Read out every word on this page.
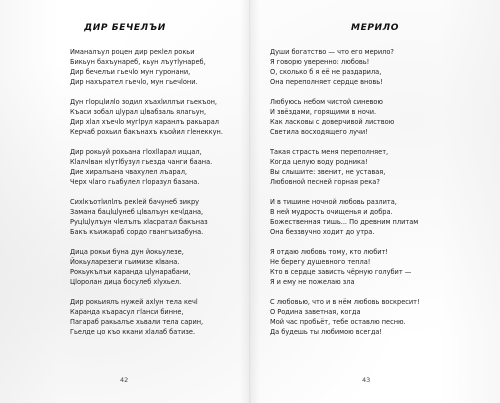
ДИР БЕЧЕЛЪИ
Иманалъул роцен дир рекlел рокьи
Бикьун бахъунареб, кьун лъутlунареб,
Дир бечелъи гьечlо мун гуронани,
Дир нахърател гьечlо, мун гьечlони.
Дун гlорцlилlо зодил хъахlиллъи гьекъон,
Къаси зобал цlурал цlвабзаль ялагьун,
Дир хlал хъечlо мугlрул каранлъ ракьарал
Керчаб рохьил бакънахъ къойил гlенеккун.
Дир рокьуй рохьана гlохllарал иццал,
Кlалчlван кlутlбузул гьезда чанги баана.
Дие хиралъана чвахулел лъарал,
Черх чlаго гьабулел гlоразул базана.
Сихlкъотlилlлъ рекlей бачунеб зикру
Замана бацlцlунеб цlвалъун кечlдана,
Руцlцlулъун чlелълъ хlасратал бакъназ
Бакъ къижараб сордо гвангъизабуна.
Дица рокьи буна дун йокьулезе,
Йокьуларезеги гьимизе кlвана.
Рокьукълъи каранда цlунарабани,
Цlоролан дица босулеб хlухьел.
Дир рокьиялъ нужей ахlун тела кечl
Каранда къарасул гlанси бинне,
Пагараб ракьалъе хьвали тела сарин,
Гьелде цо къо ккани хlалаб батизе.
42
МЕРИЛО
Души богатство — что его мерило?
Я говорю уверенно: любовь!
О, сколько б я её не раздарила,
Она переполняет сердце вновь!
Любуюсь небом чистой синевою
И звёздами, горящими в ночи.
Как ласковы с доверчивой листвою
Светила восходящего лучи!
Такая страсть меня переполняет,
Когда целую воду родника!
Вы слышите: звенит, не уставая,
Любовной песней горная река?
И в тишине ночной любовь разлита,
В ней мудрость очищенья и добра.
Божественная тишь... По древним плитам
Она беззвучно ходит до утра.
Я отдаю любовь тому, кто любит!
Не берегу душевного тепла!
Кто в сердце зависть чёрную голубит —
Я и ему не пожелаю зла
С любовью, что и в нём любовь воскресит!
О Родина заветная, когда
Мой час пробьёт, тебе оставлю песню.
Да будешь ты любимою всегда!
43
